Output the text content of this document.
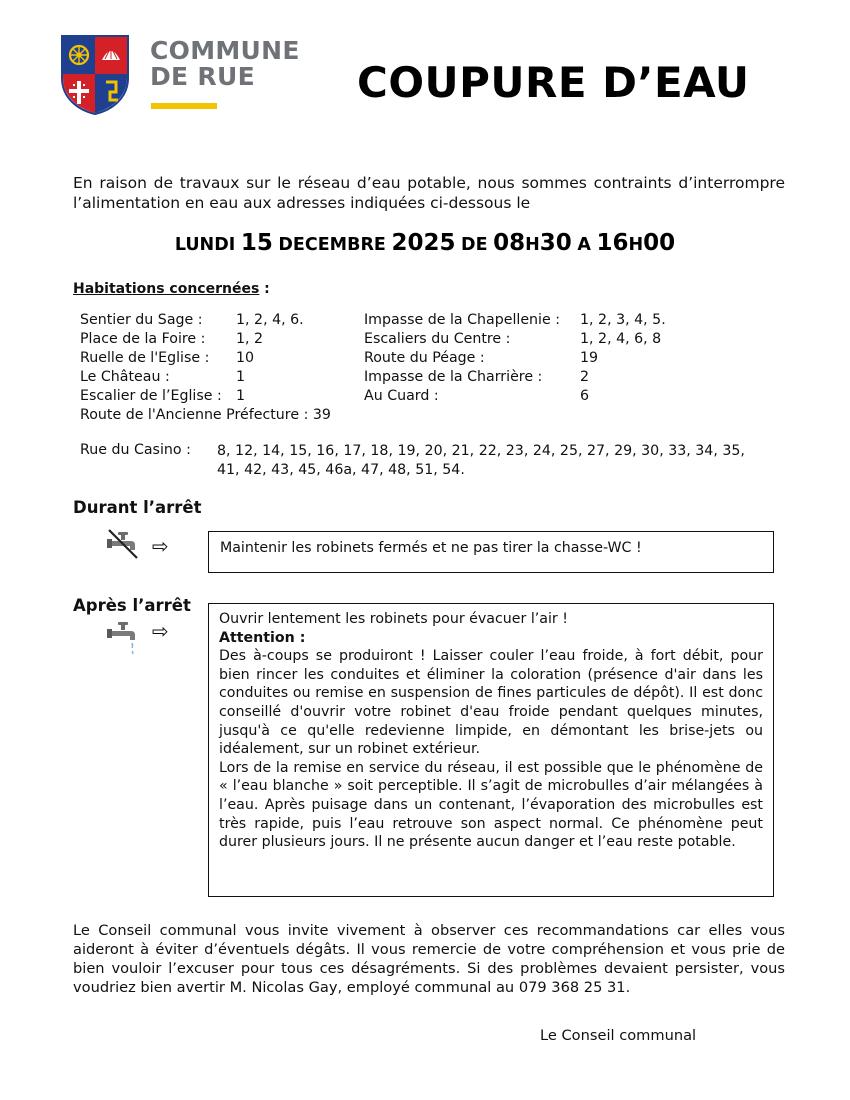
COMMUNE
DE RUE COUPURE D’EAU
En raison de travaux sur le réseau d’eau potable, nous sommes contraints d’interrompre l’alimentation en eau aux adresses indiquées ci-dessous le
LUNDI 15 DECEMBRE 2025 DE 08H30 A 16H00
Habitations concernées :
Sentier du Sage : 1, 2, 4, 6.
Place de la Foire : 1, 2
Ruelle de l'Eglise : 10
Le Château :	1
Escalier de l’Eglise : 1
Route de l'Ancienne Préfecture : 39
Impasse de la Chapellenie : 1, 2, 3, 4, 5.
Escaliers du Centre :	1, 2, 4, 6, 8
Route du Péage :	19
Impasse de la Charrière :	2
Au Cuard :	6
Rue du Casino : 8, 12, 14, 15, 16, 17, 18, 19, 20, 21, 22, 23, 24, 25, 27, 29, 30, 33, 34, 35, 41, 42, 43, 45, 46a, 47, 48, 51, 54.
Durant l’arrêt
⇨	Maintenir les robinets fermés et ne pas tirer la chasse-WC !
Après l’arrêt
⇨	Ouvrir lentement les robinets pour évacuer l’air !

Attention :

Des à-coups se produiront ! Laisser couler l’eau froide, à fort débit, pour bien rincer les conduites et éliminer la coloration (présence d'air dans les conduites ou remise en suspension de fines particules de dépôt). Il est donc conseillé d'ouvrir votre robinet d'eau froide pendant quelques minutes, jusqu'à ce qu'elle redevienne limpide, en démontant les brise-jets ou idéalement, sur un robinet extérieur.

Lors de la remise en service du réseau, il est possible que le phénomène de « l’eau blanche » soit perceptible. Il s’agit de microbulles d’air mélangées à l’eau. Après puisage dans un contenant, l’évaporation des microbulles est très rapide, puis l’eau retrouve son aspect normal. Ce phénomène peut durer plusieurs jours. Il ne présente aucun danger et l’eau reste potable.

Le Conseil communal vous invite vivement à observer ces recommandations car elles vous aideront à éviter d’éventuels dégâts. Il vous remercie de votre compréhension et vous prie de bien vouloir l’excuser pour tous ces désagréments. Si des problèmes devaient persister, vous voudriez bien avertir M. Nicolas Gay, employé communal au 079 368 25 31.
Le Conseil communal
